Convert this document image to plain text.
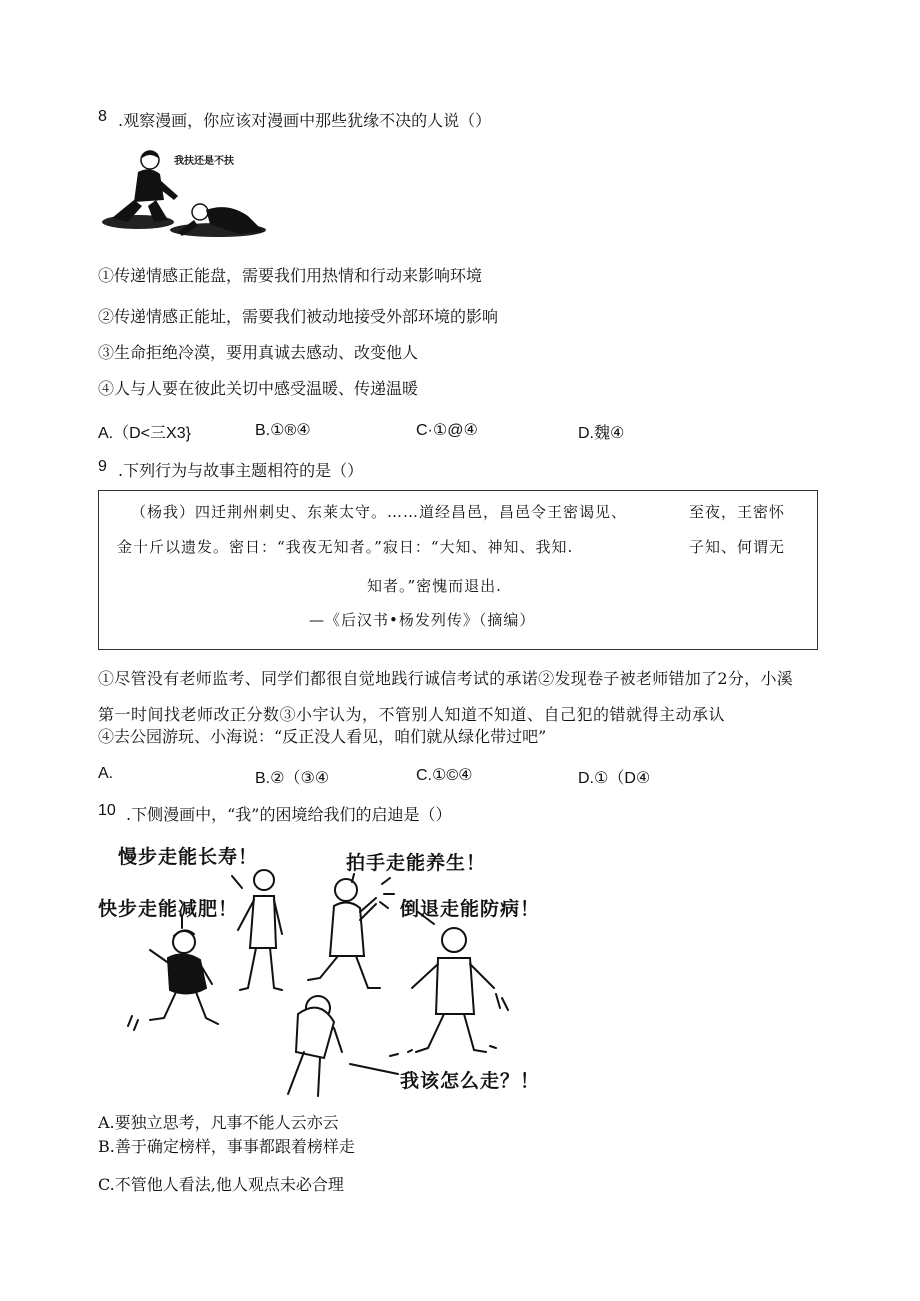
8 .观察漫画，你应该对漫画中那些犹缘不决的人说（）
我扶还是不扶
①传递情感正能盘，需要我们用热情和行动来影响环境
②传递情感正能址，需要我们被动地接受外部环境的影响
③生命拒绝冷漠，要用真诚去感动、改变他人
④人与人要在彼此关切中感受温暖、传递温暖
A.（D<三X3}	B.①®④	C·①@④	D.魏④
9 .下列行为与故事主题相符的是（）
（杨我）四迁荆州刺史、东莱太守。……道经昌邑，昌邑令王密谒见、	至夜，王密怀
金十斤以遗发。密日：“我夜无知者。”寂日：“大知、神知、我知.	子知、何谓无
知者。”密愧而退出.
—《后汉书•杨发列传》（摘编）
①尽管没有老师监考、同学们都很自觉地践行诚信考试的承诺②发现卷子被老师错加了2分，小溪
第一时间找老师改正分数③小宇认为，不管别人知道不知道、自己犯的错就得主动承认
④去公园游玩、小海说：“反正没人看见，咱们就从绿化带过吧”
A.	B.②（③④	C.①©④	D.①（D④
10 .下侧漫画中，“我”的困境给我们的启迪是（）
慢步走能长寿！
快步走能减肥！
拍手走能养生！
倒退走能防病！
我该怎么走？！
A.要独立思考，凡事不能人云亦云
B.善于确定榜样，事事都跟着榜样走
C.不管他人看法,他人观点未必合理
